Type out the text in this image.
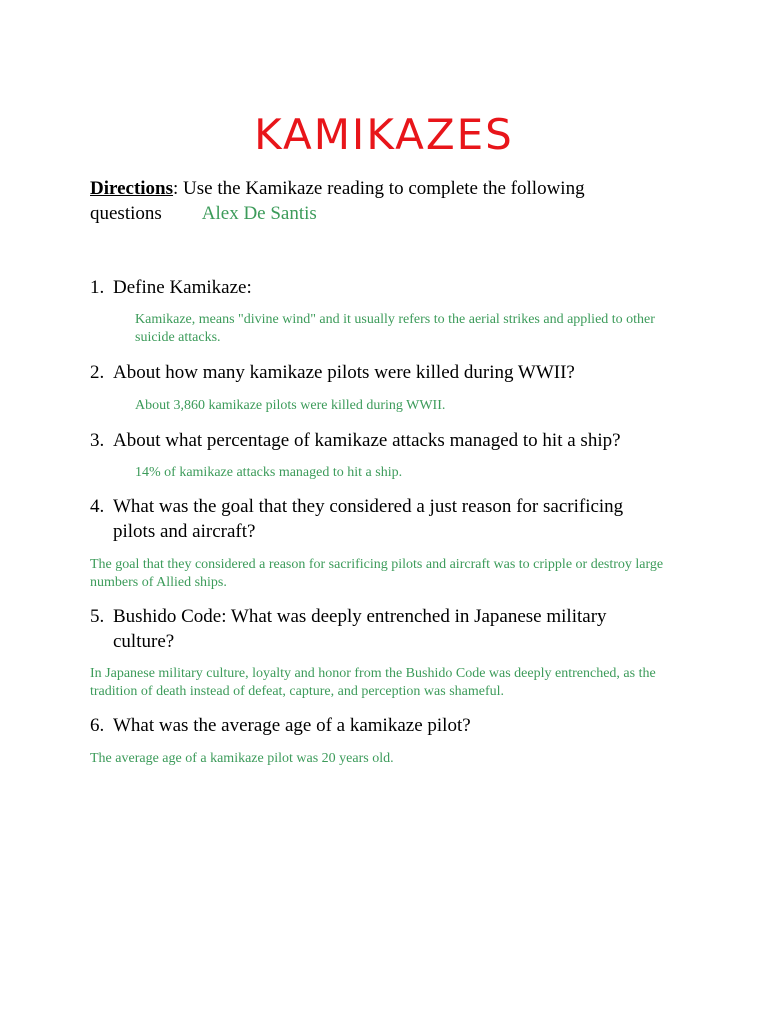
KAMIKAZES
Directions: Use the Kamikaze reading to complete the following questions Alex De Santis
1. Define Kamikaze:
Kamikaze, means "divine wind" and it usually refers to the aerial strikes and applied to other suicide attacks.
2. About how many kamikaze pilots were killed during WWII?
About 3,860 kamikaze pilots were killed during WWII.
3. About what percentage of kamikaze attacks managed to hit a ship?
14% of kamikaze attacks managed to hit a ship.
4. What was the goal that they considered a just reason for sacrificing pilots and aircraft?
The goal that they considered a reason for sacrificing pilots and aircraft was to cripple or destroy large numbers of Allied ships.
5. Bushido Code: What was deeply entrenched in Japanese military culture?
In Japanese military culture, loyalty and honor from the Bushido Code was deeply entrenched, as the tradition of death instead of defeat, capture, and perception was shameful.
6. What was the average age of a kamikaze pilot?
The average age of a kamikaze pilot was 20 years old.
